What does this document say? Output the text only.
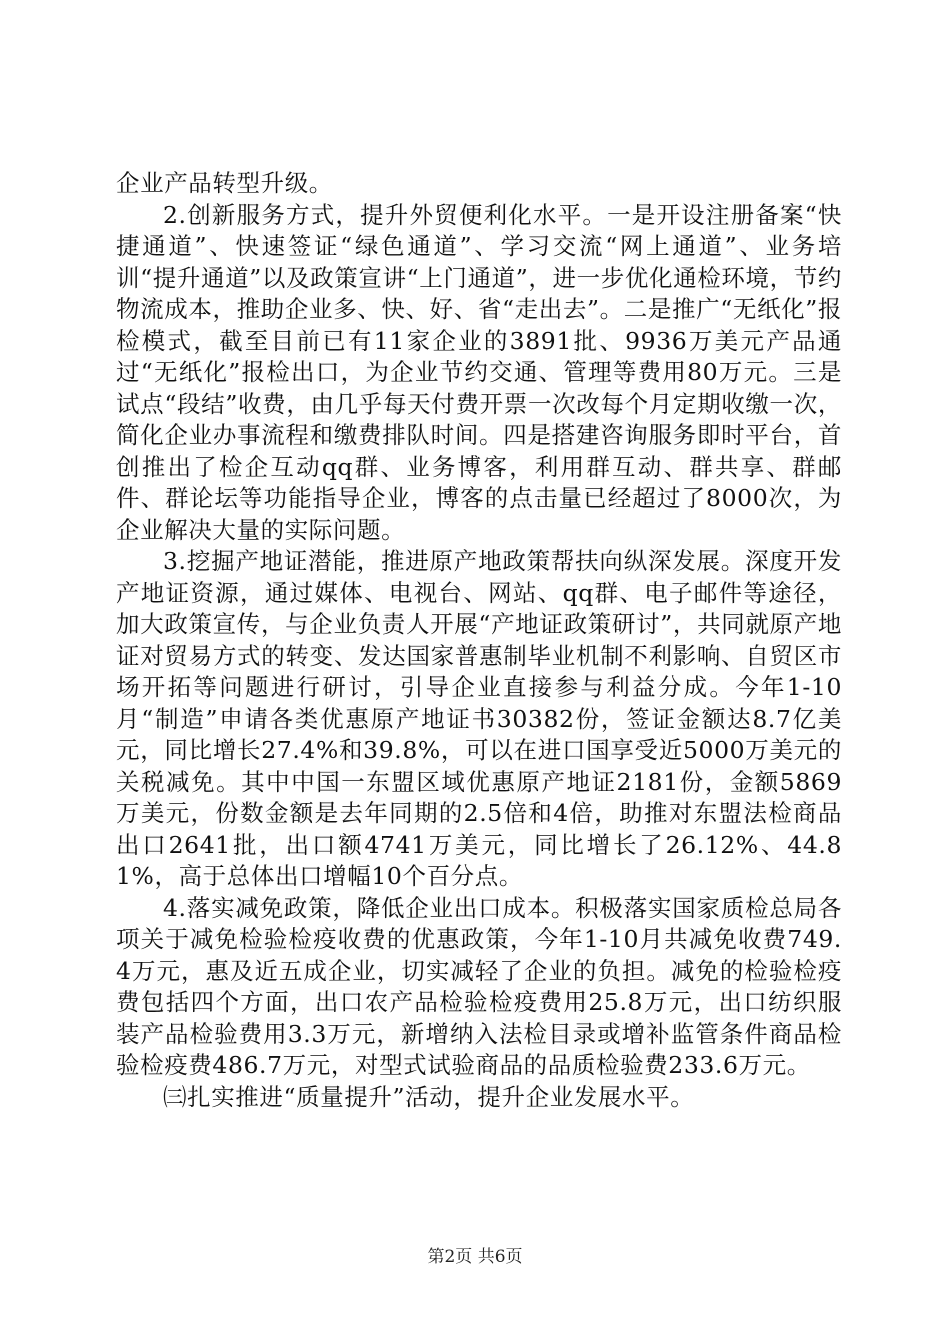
企业产品转型升级。

2.创新服务方式，提升外贸便利化水平。一是开设注册备案“快捷通道”、快速签证“绿色通道”、学习交流“网上通道”、业务培训“提升通道”以及政策宣讲“上门通道”，进一步优化通检环境，节约物流成本，推助企业多、快、好、省“走出去”。二是推广“无纸化”报检模式，截至目前已有11家企业的3891批、9936万美元产品通过“无纸化”报检出口，为企业节约交通、管理等费用80万元。三是试点“段结”收费，由几乎每天付费开票一次改每个月定期收缴一次，简化企业办事流程和缴费排队时间。四是搭建咨询服务即时平台，首创推出了检企互动qq群、业务博客，利用群互动、群共享、群邮件、群论坛等功能指导企业，博客的点击量已经超过了8000次，为企业解决大量的实际问题。

3.挖掘产地证潜能，推进原产地政策帮扶向纵深发展。深度开发产地证资源，通过媒体、电视台、网站、qq群、电子邮件等途径，加大政策宣传，与企业负责人开展“产地证政策研讨”，共同就原产地证对贸易方式的转变、发达国家普惠制毕业机制不利影响、自贸区市场开拓等问题进行研讨，引导企业直接参与利益分成。今年1-10月“制造”申请各类优惠原产地证书30382份，签证金额达8.7亿美元，同比增长27.4%和39.8%，可以在进口国享受近5000万美元的关税减免。其中中国一东盟区域优惠原产地证2181份，金额5869万美元，份数金额是去年同期的2.5倍和4倍，助推对东盟法检商品出口2641批，出口额4741万美元，同比增长了26.12%、44.81%，高于总体出口增幅10个百分点。

4.落实减免政策，降低企业出口成本。积极落实国家质检总局各项关于减免检验检疫收费的优惠政策，今年1-10月共减免收费749.4万元，惠及近五成企业，切实减轻了企业的负担。减免的检验检疫费包括四个方面，出口农产品检验检疫费用25.8万元，出口纺织服装产品检验费用3.3万元，新增纳入法检目录或增补监管条件商品检验检疫费486.7万元，对型式试验商品的品质检验费233.6万元。

㈢扎实推进“质量提升”活动，提升企业发展水平。

第2页 共6页
